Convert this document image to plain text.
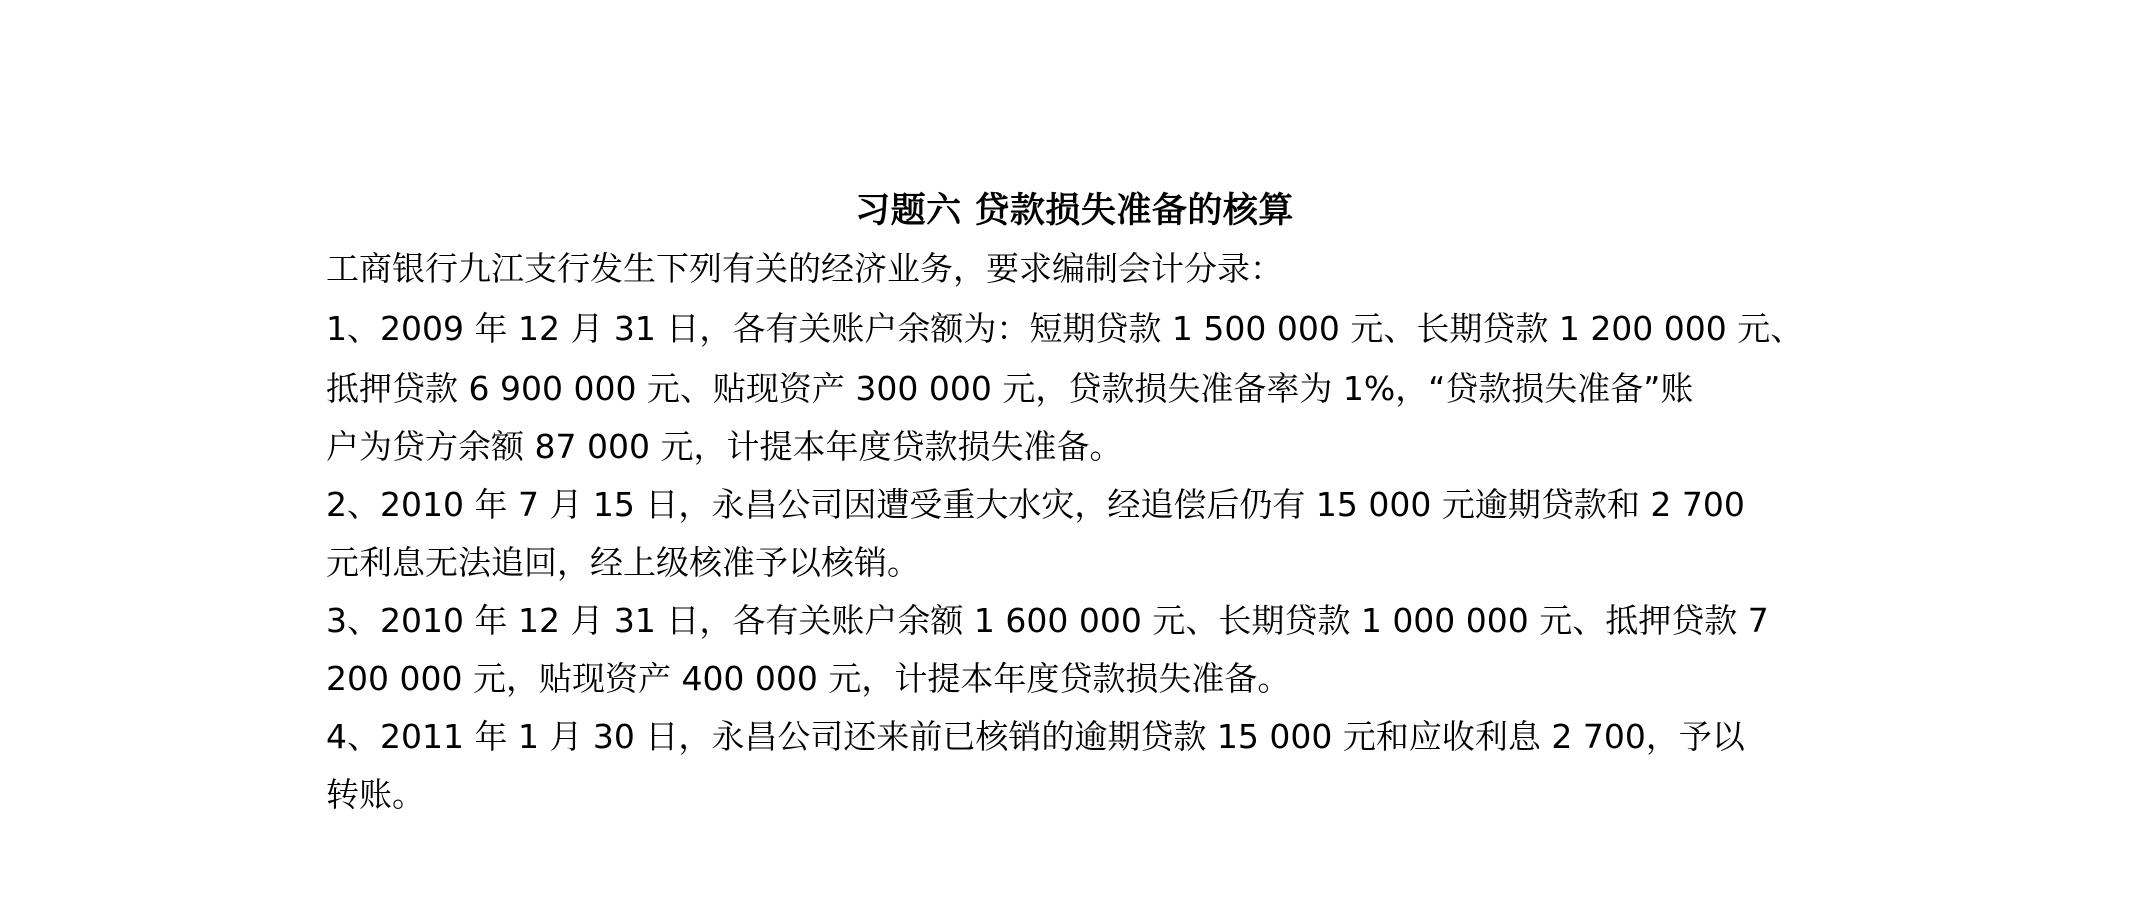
习题六 贷款损失准备的核算
工商银行九江支行发生下列有关的经济业务，要求编制会计分录：
1、2009 年 12 月 31 日，各有关账户余额为：短期贷款 1 500 000 元、长期贷款 1 200 000 元、
抵押贷款 6 900 000 元、贴现资产 300 000 元，贷款损失准备率为 1%，“贷款损失准备”账
户为贷方余额 87 000 元，计提本年度贷款损失准备。
2、2010 年 7 月 15 日，永昌公司因遭受重大水灾，经追偿后仍有 15 000 元逾期贷款和 2 700
元利息无法追回，经上级核准予以核销。
3、2010 年 12 月 31 日，各有关账户余额 1 600 000 元、长期贷款 1 000 000 元、抵押贷款 7
200 000 元，贴现资产 400 000 元，计提本年度贷款损失准备。
4、2011 年 1 月 30 日，永昌公司还来前已核销的逾期贷款 15 000 元和应收利息 2 700，予以
转账。
